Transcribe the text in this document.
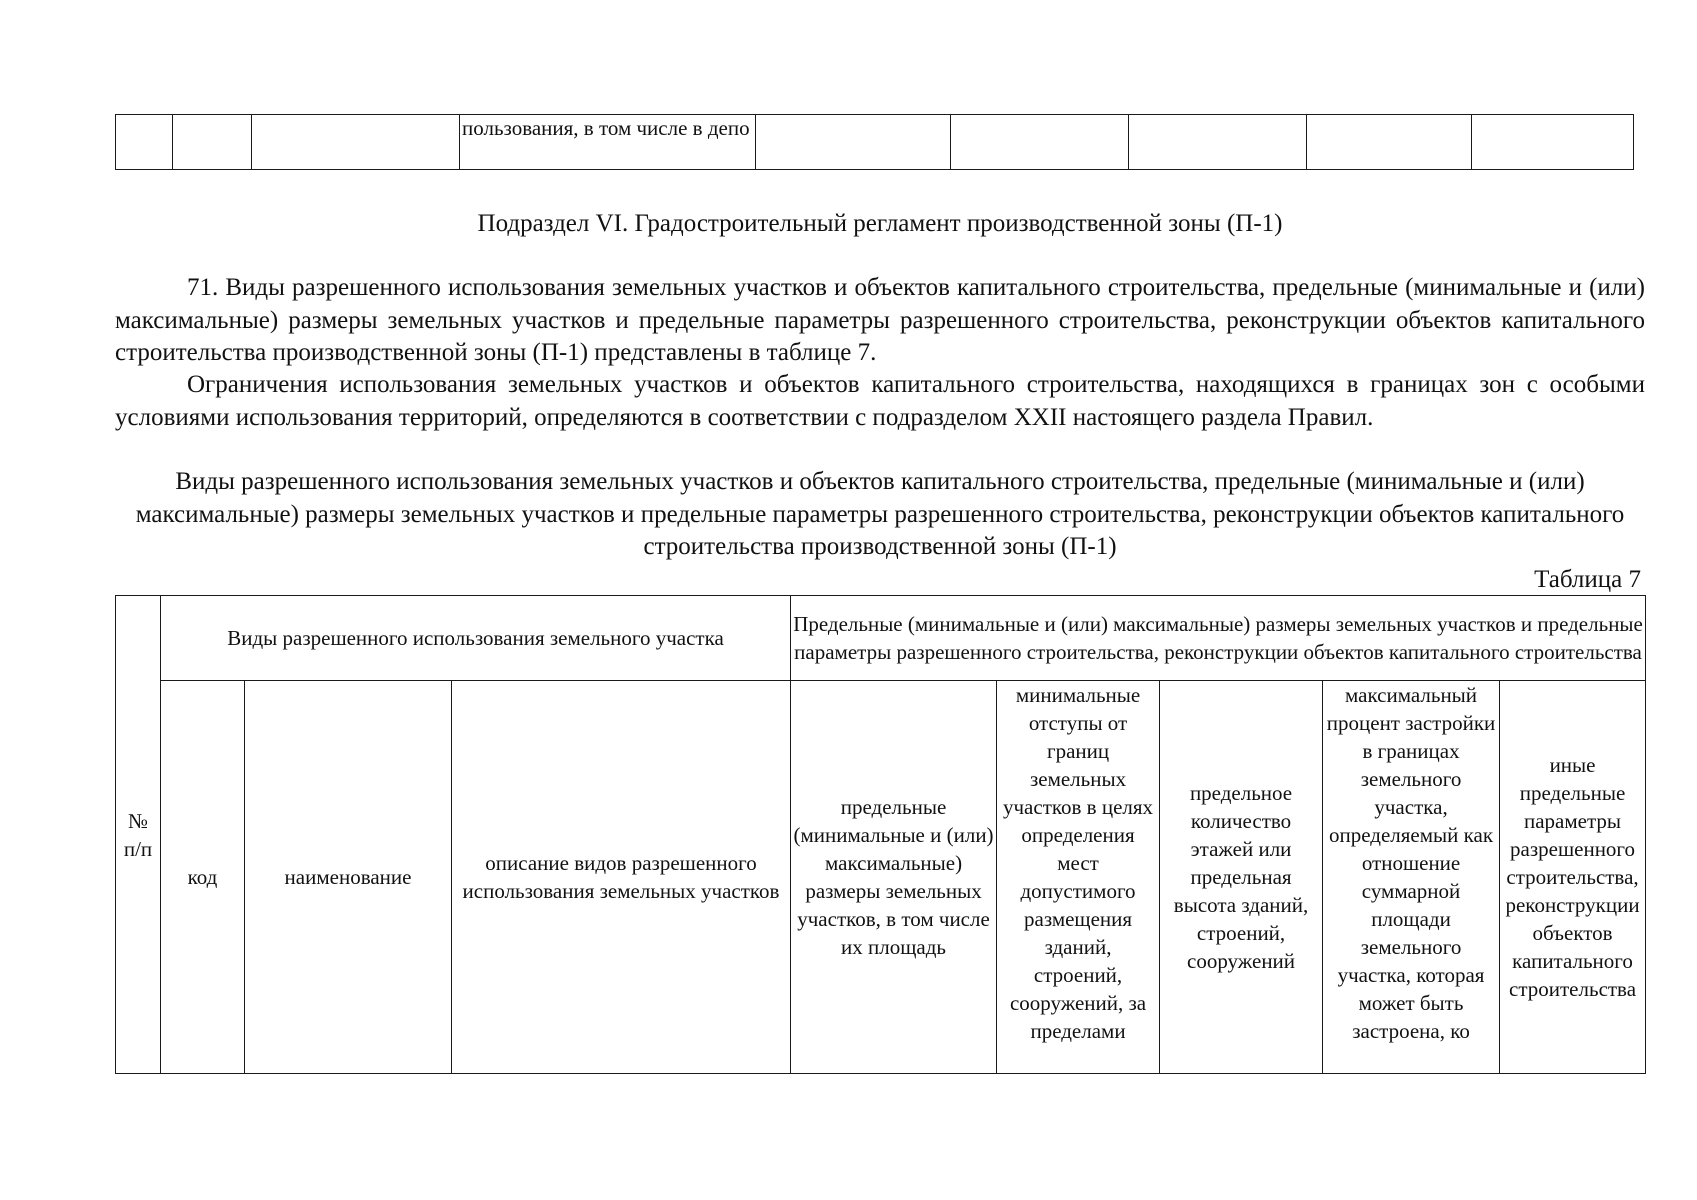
			пользования, в том числе в депо					
Подраздел VI. Градостроительный регламент производственной зоны (П-1)

71. Виды разрешенного использования земельных участков и объектов капитального строительства, предельные (минимальные и (или) максимальные) размеры земельных участков и предельные параметры разрешенного строительства, реконструкции объектов капитального строительства производственной зоны (П-1) представлены в таблице 7.

Ограничения использования земельных участков и объектов капитального строительства, находящихся в границах зон с особыми условиями использования территорий, определяются в соответствии с подразделом XXII настоящего раздела Правил.

Виды разрешенного использования земельных участков и объектов капитального строительства, предельные (минимальные и (или) максимальные) размеры земельных участков и предельные параметры разрешенного строительства, реконструкции объектов капитального строительства производственной зоны (П-1)
Таблица 7
№ п/п	Виды разрешенного использования земельного участка			Предельные (минимальные и (или) максимальные) размеры земельных участков и предельные параметры разрешенного строительства, реконструкции объектов капитального строительства				
	код	наименование	описание видов разрешенного использования земельных участков	предельные (минимальные и (или) максимальные) размеры земельных участков, в том числе их площадь	минимальные отступы от границ земельных участков в целях определения мест допустимого размещения зданий, строений, сооружений, за пределами	предельное количество этажей или предельная высота зданий, строений, сооружений	максимальный процент застройки в границах земельного участка, определяемый как отношение суммарной площади земельного участка, которая может быть застроена, ко	иные предельные параметры разрешенного строительства, реконструкции объектов капитального строительства
